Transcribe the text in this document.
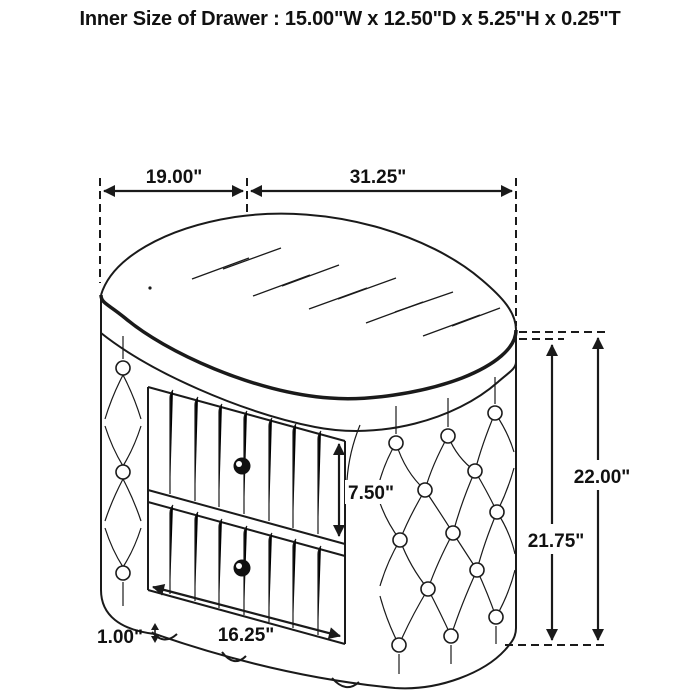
Inner Size of Drawer : 15.00"W x 12.50"D x 5.25"H x 0.25"T
19.00"	31.25"
22.00"
21.75"
7.50"
16.25"
1.00"
